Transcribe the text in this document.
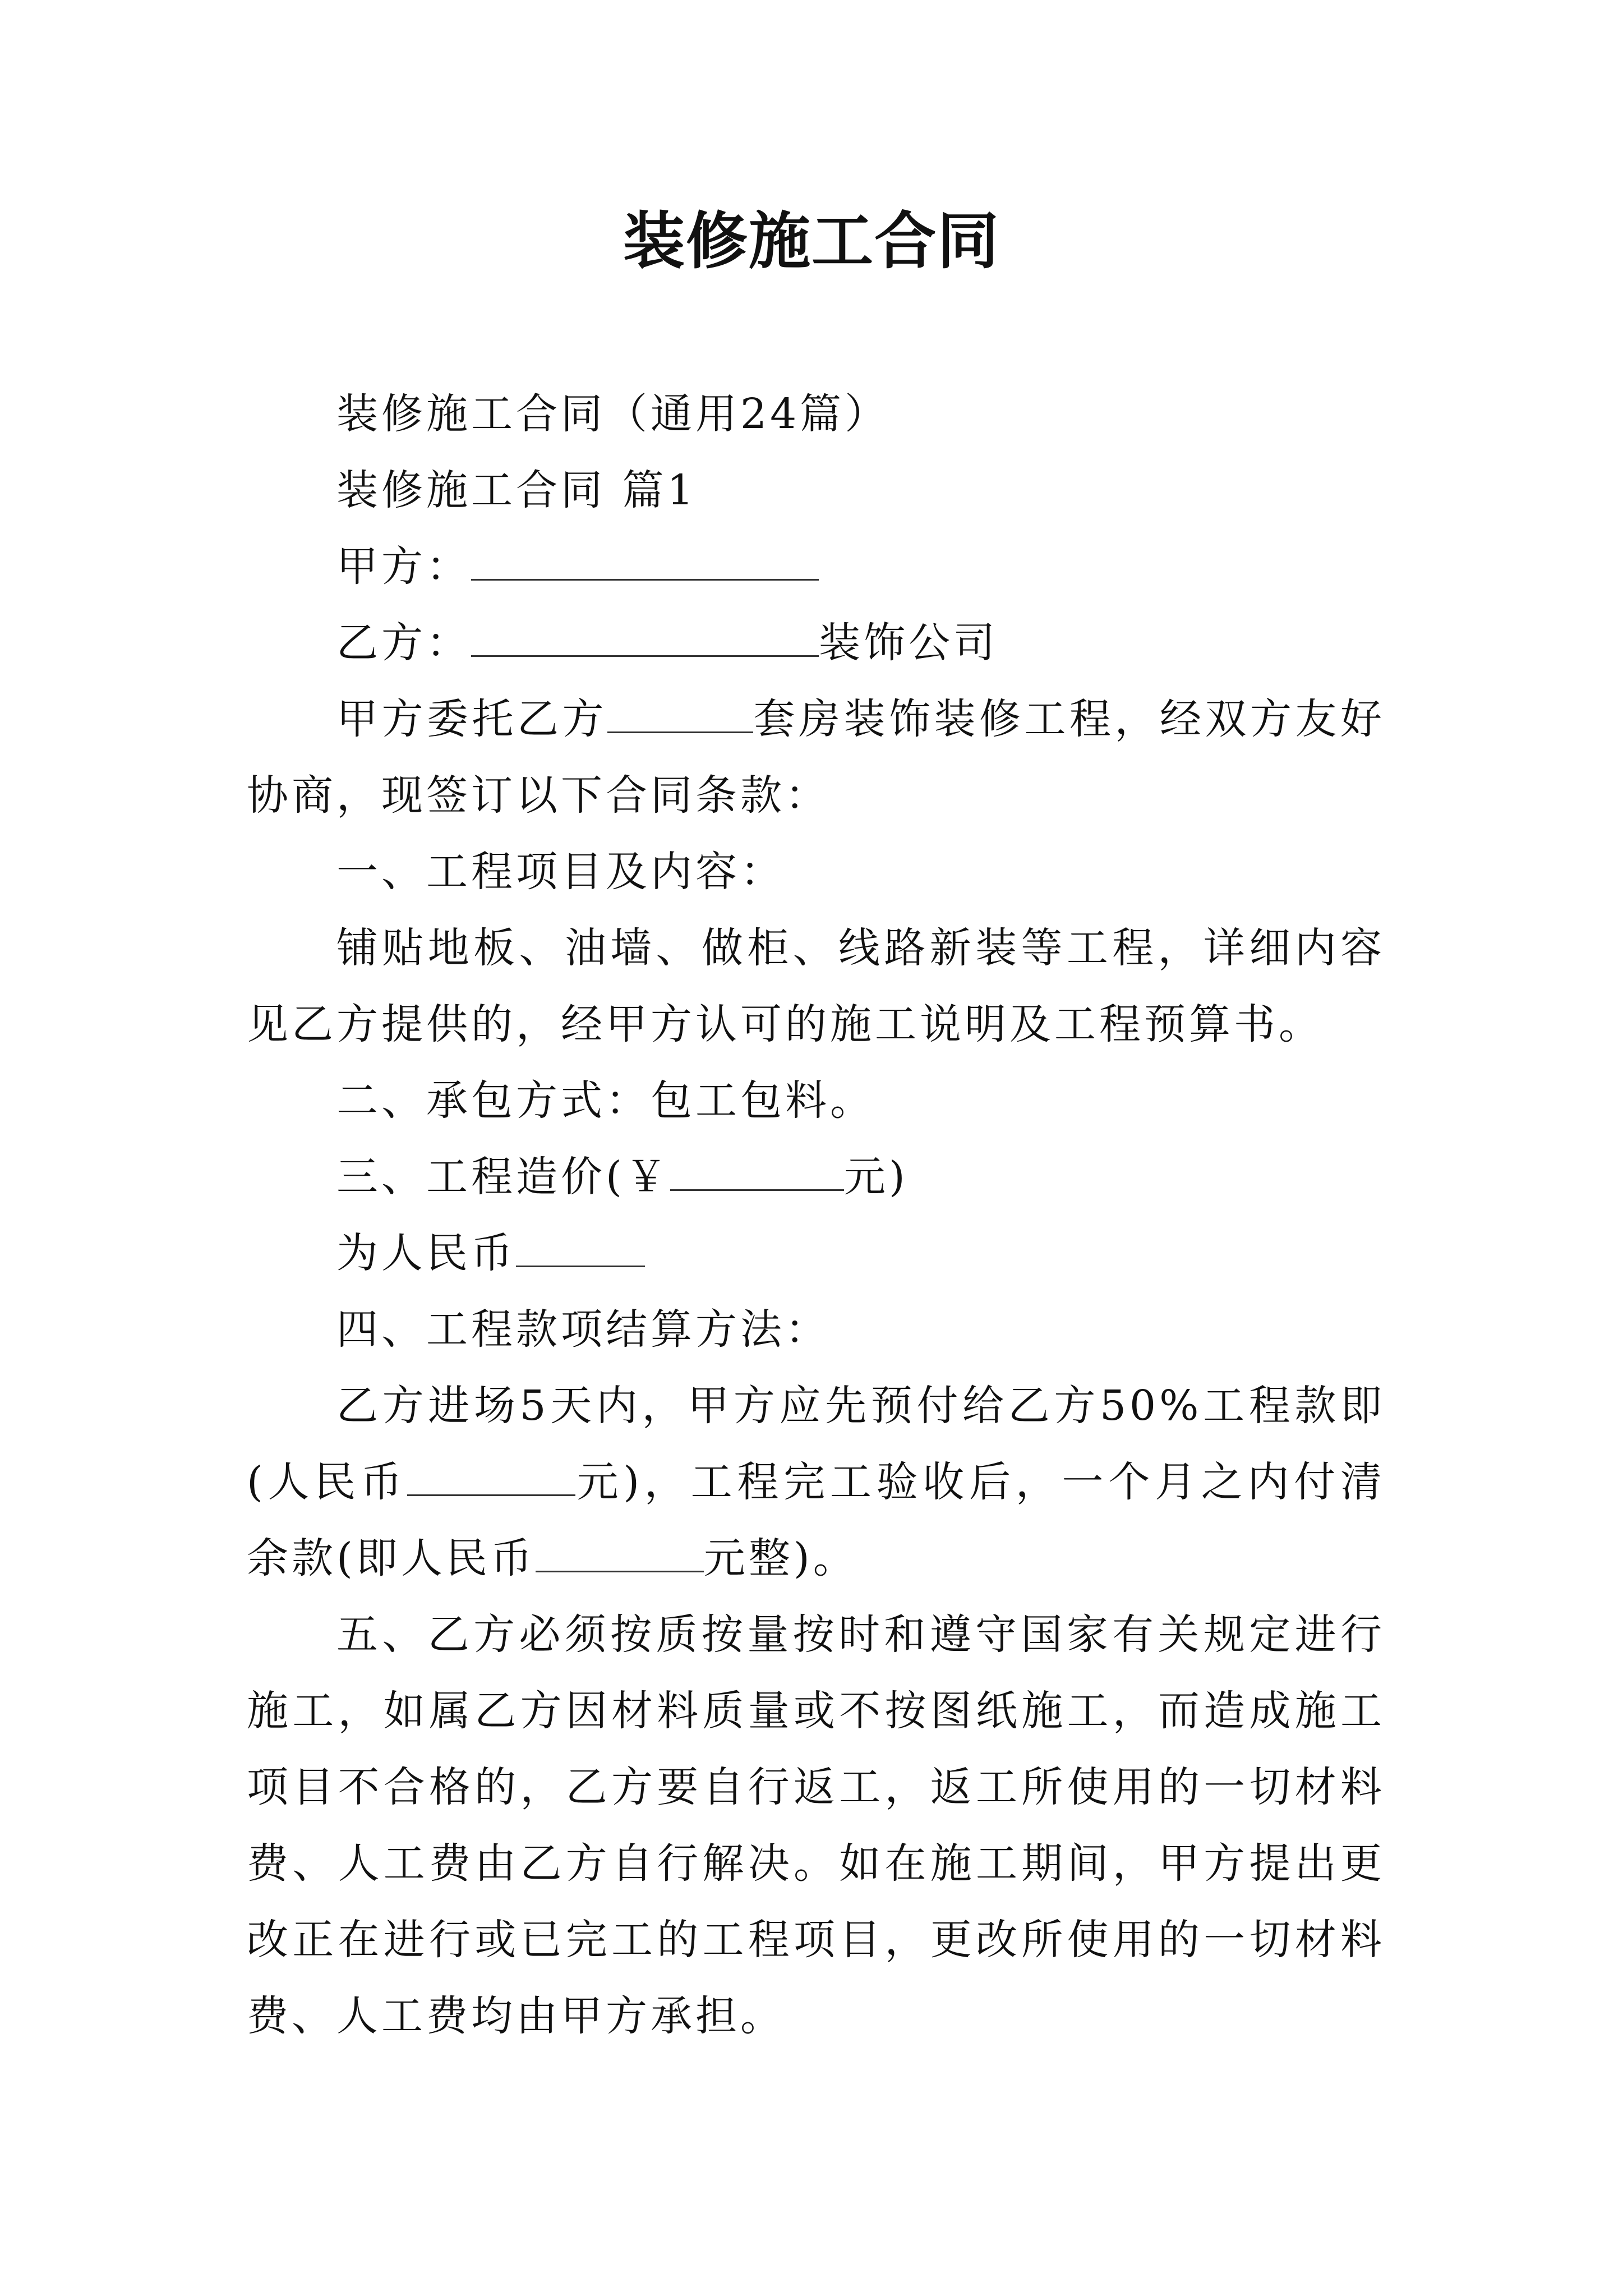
装修施工合同

装修施工合同（通用24篇）

装修施工合同 篇1

甲方：

乙方：	装饰公司

甲方委托乙方	套房装饰装修工程，经双方友好协商，现签订以下合同条款：

一、工程项目及内容：

铺贴地板、油墙、做柜、线路新装等工程，详细内容见乙方提供的，经甲方认可的施工说明及工程预算书。

二、承包方式：包工包料。

三、工程造价(￥	元)

为人民币

四、工程款项结算方法：

乙方进场5天内，甲方应先预付给乙方50%工程款即(人民币	元)，工程完工验收后，一个月之内付清余款(即人民币	元整)。

五、乙方必须按质按量按时和遵守国家有关规定进行施工，如属乙方因材料质量或不按图纸施工，而造成施工项目不合格的，乙方要自行返工，返工所使用的一切材料费、人工费由乙方自行解决。如在施工期间，甲方提出更改正在进行或已完工的工程项目，更改所使用的一切材料费、人工费均由甲方承担。
